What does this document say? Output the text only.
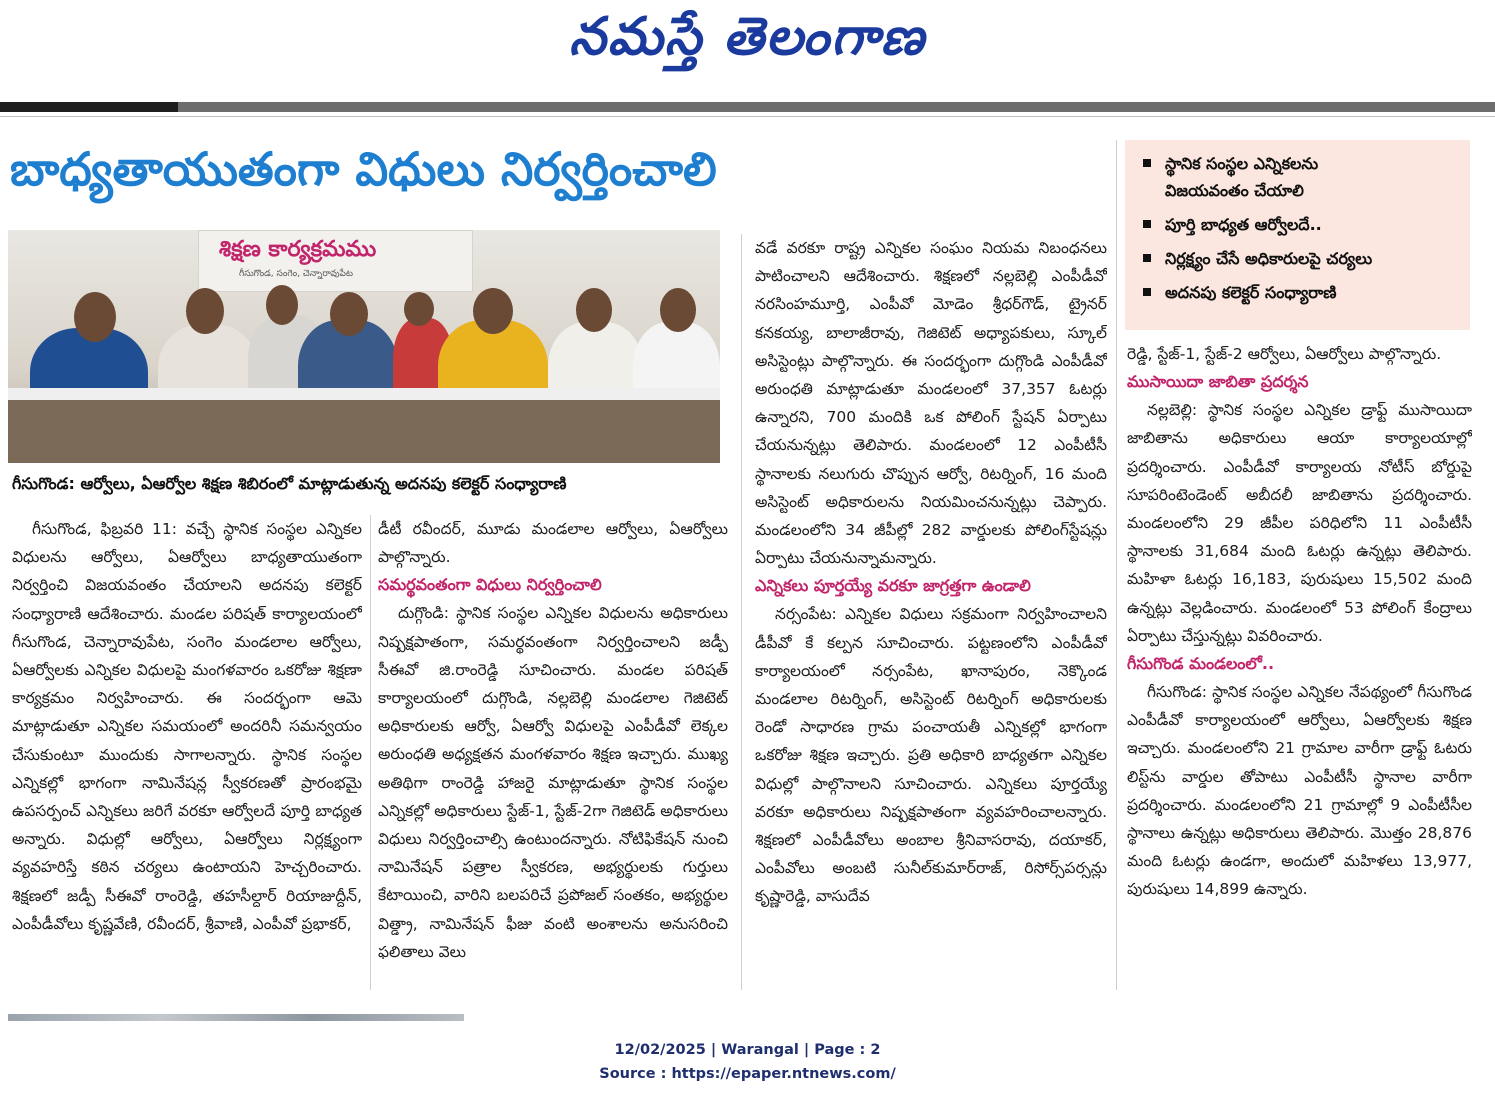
నమస్తే తెలంగాణ
బాధ్యతాయుతంగా విధులు నిర్వర్తించాలి
శిక్షణ కార్యక్రమము
గీసుగొండ, సంగెం, చెన్నారావుపేట
గీసుగొండ: ఆర్వోలు, ఏఆర్వోల శిక్షణ శిబిరంలో మాట్లాడుతున్న అదనపు కలెక్టర్ సంధ్యారాణి
స్థానిక సంస్థల ఎన్నికలను విజయవంతం చేయాలి
పూర్తి బాధ్యత ఆర్వోలదే..
నిర్లక్ష్యం చేసే అధికారులపై చర్యలు
అదనపు కలెక్టర్ సంధ్యారాణి

గీసుగొండ, ఫిబ్రవరి 11: వచ్చే స్థానిక సంస్థల ఎన్నికల విధులను ఆర్వోలు, ఏఆర్వోలు బాధ్యతాయుతంగా నిర్వర్తించి విజయవంతం చేయాలని అదనపు కలెక్టర్ సంధ్యారాణి ఆదేశించారు. మండల పరిషత్ కార్యాలయంలో గీసుగొండ, చెన్నారావుపేట, సంగెం మండలాల ఆర్వోలు, ఏఆర్వోలకు ఎన్నికల విధులపై మంగళవారం ఒకరోజు శిక్షణా కార్యక్రమం నిర్వహించారు. ఈ సందర్భంగా ఆమె మాట్లాడుతూ ఎన్నికల సమయంలో అందరినీ సమన్వయం చేసుకుంటూ ముందుకు సాగాలన్నారు. స్థానిక సంస్థల ఎన్నికల్లో భాగంగా నామినేషన్ల స్వీకరణతో ప్రారంభమై ఉపసర్పంచ్ ఎన్నికలు జరిగే వరకూ ఆర్వోలదే పూర్తి బాధ్యత అన్నారు. విధుల్లో ఆర్వోలు, ఏఆర్వోలు నిర్లక్ష్యంగా వ్యవహరిస్తే కఠిన చర్యలు ఉంటాయని హెచ్చరించారు. శిక్షణలో జడ్పీ సీఈవో రాంరెడ్డి, తహసీల్దార్ రియాజుద్దీన్, ఎంపీడీవోలు కృష్ణవేణి, రవీందర్, శ్రీవాణి, ఎంపీవో ప్రభాకర్,

డీటీ రవీందర్, మూడు మండలాల ఆర్వోలు, ఏఆర్వోలు పాల్గొన్నారు.

సమర్థవంతంగా విధులు నిర్వర్తించాలి

దుగ్గొండి: స్థానిక సంస్థల ఎన్నికల విధులను అధికారులు నిష్పక్షపాతంగా, సమర్థవంతంగా నిర్వర్తించాలని జడ్పీ సీఈవో జి.రాంరెడ్డి సూచించారు. మండల పరిషత్ కార్యాలయంలో దుగ్గొండి, నల్లబెల్లి మండలాల గెజిటెట్ అధికారులకు ఆర్వో, ఏఆర్వో విధులపై ఎంపీడీవో లెక్కల అరుంధతి అధ్యక్షతన మంగళవారం శిక్షణ ఇచ్చారు. ముఖ్య అతిథిగా రాంరెడ్డి హాజరై మాట్లాడుతూ స్థానిక సంస్థల ఎన్నికల్లో అధికారులు స్టేజ్-1, స్టేజ్-2గా గెజిటెడ్ అధికారులు విధులు నిర్వర్తించాల్సి ఉంటుందన్నారు. నోటిఫికేషన్ నుంచి నామినేషన్ పత్రాల స్వీకరణ, అభ్యర్థులకు గుర్తులు కేటాయించి, వారిని బలపరిచే ప్రపోజల్ సంతకం, అభ్యర్థుల విత్డ్రా, నామినేషన్ ఫీజు వంటి అంశాలను అనుసరించి ఫలితాలు వెలు

వడే వరకూ రాష్ట్ర ఎన్నికల సంఘం నియమ నిబంధనలు పాటించాలని ఆదేశించారు. శిక్షణలో నల్లబెల్లి ఎంపీడీవో నరసింహమూర్తి, ఎంపీవో మోడెం శ్రీధర్‌గౌడ్, ట్రైనర్ కనకయ్య, బాలాజీరావు, గెజిటెట్ అధ్యాపకులు, స్కూల్ అసిస్టెంట్లు పాల్గొన్నారు. ఈ సందర్భంగా దుగ్గొండి ఎంపీడీవో అరుంధతి మాట్లాడుతూ మండలంలో 37,357 ఓటర్లు ఉన్నారని, 700 మందికి ఒక పోలింగ్ స్టేషన్ ఏర్పాటు చేయనున్నట్లు తెలిపారు. మండలంలో 12 ఎంపీటీసీ స్థానాలకు నలుగురు చొప్పున ఆర్వో, రిటర్నింగ్, 16 మంది అసిస్టెంట్ అధికారులను నియమించనున్నట్లు చెప్పారు. మండలంలోని 34 జీపీల్లో 282 వార్డులకు పోలింగ్‌స్టేషన్లు ఏర్పాటు చేయనున్నామన్నారు.

ఎన్నికలు పూర్తయ్యే వరకూ జాగ్రత్తగా ఉండాలి

నర్సంపేట: ఎన్నికల విధులు సక్రమంగా నిర్వహించాలని డీపీవో కే కల్పన సూచించారు. పట్టణంలోని ఎంపీడీవో కార్యాలయంలో నర్సంపేట, ఖానాపురం, నెక్కొండ మండలాల రిటర్నింగ్, అసిస్టెంట్ రిటర్నింగ్ అధికారులకు రెండో సాధారణ గ్రామ పంచాయతీ ఎన్నికల్లో భాగంగా ఒకరోజు శిక్షణ ఇచ్చారు. ప్రతి అధికారి బాధ్యతగా ఎన్నికల విధుల్లో పాల్గొనాలని సూచించారు. ఎన్నికలు పూర్తయ్యే వరకూ అధికారులు నిష్పక్షపాతంగా వ్యవహరించాలన్నారు. శిక్షణలో ఎంపీడీవోలు అంబాల శ్రీనివాసరావు, దయాకర్, ఎంపీవోలు అంబటి సునీల్‌కుమార్‌రాజ్, రిసోర్స్‌పర్సన్లు కృష్ణారెడ్డి, వాసుదేవ

రెడ్డి, స్టేజ్-1, స్టేజ్-2 ఆర్వోలు, ఏఆర్వోలు పాల్గొన్నారు.

ముసాయిదా జాబితా ప్రదర్శన

నల్లబెల్లి: స్థానిక సంస్థల ఎన్నికల డ్రాఫ్ట్ ముసాయిదా జాబితాను అధికారులు ఆయా కార్యాలయాల్లో ప్రదర్శించారు. ఎంపీడీవో కార్యాలయ నోటీస్ బోర్డుపై సూపరింటెండెంట్ అబీదలీ జాబితాను ప్రదర్శించారు. మండలంలోని 29 జీపీల పరిధిలోని 11 ఎంపీటీసీ స్థానాలకు 31,684 మంది ఓటర్లు ఉన్నట్లు తెలిపారు. మహిళా ఓటర్లు 16,183, పురుషులు 15,502 మంది ఉన్నట్లు వెల్లడించారు. మండలంలో 53 పోలింగ్ కేంద్రాలు ఏర్పాటు చేస్తున్నట్లు వివరించారు.

గీసుగొండ మండలంలో..

గీసుగొండ: స్థానిక సంస్థల ఎన్నికల నేపథ్యంలో గీసుగొండ ఎంపీడీవో కార్యాలయంలో ఆర్వోలు, ఏఆర్వోలకు శిక్షణ ఇచ్చారు. మండలంలోని 21 గ్రామాల వారీగా డ్రాఫ్ట్ ఓటరు లిస్ట్‌ను వార్డుల తోపాటు ఎంపీటీసీ స్థానాల వారీగా ప్రదర్శించారు. మండలంలోని 21 గ్రామాల్లో 9 ఎంపీటీసీల స్థానాలు ఉన్నట్లు అధికారులు తెలిపారు. మొత్తం 28,876 మంది ఓటర్లు ఉండగా, అందులో మహిళలు 13,977, పురుషులు 14,899 ఉన్నారు.

12/02/2025 | Warangal | Page : 2
Source : https://epaper.ntnews.com/
